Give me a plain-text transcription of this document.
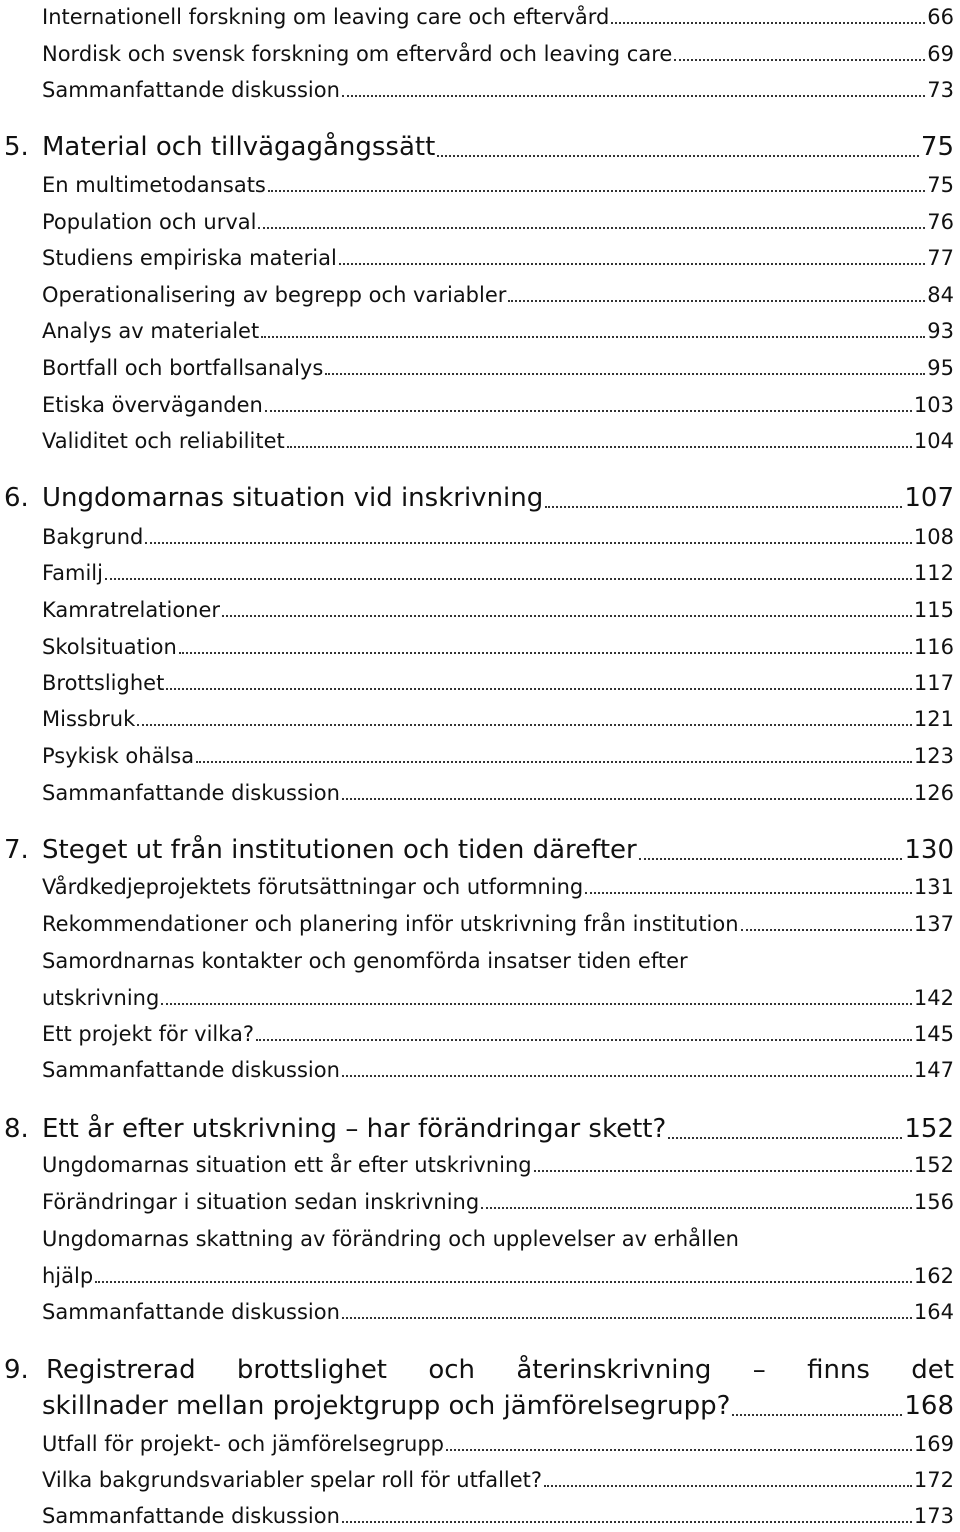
Internationell forskning om leaving care och eftervård	66
Nordisk och svensk forskning om eftervård och leaving care	69
Sammanfattande diskussion	73
5. Material och tillvägagångssätt	75
En multimetodansats	75
Population och urval	76
Studiens empiriska material	77
Operationalisering av begrepp och variabler	84
Analys av materialet	93
Bortfall och bortfallsanalys	95
Etiska överväganden	103
Validitet och reliabilitet	104
6. Ungdomarnas situation vid inskrivning	107
Bakgrund	108
Familj	112
Kamratrelationer	115
Skolsituation	116
Brottslighet	117
Missbruk	121
Psykisk ohälsa	123
Sammanfattande diskussion	126
7. Steget ut från institutionen och tiden därefter	130
Vårdkedjeprojektets förutsättningar och utformning	131
Rekommendationer och planering inför utskrivning från institution	137
Samordnarnas kontakter och genomförda insatser tiden efter
utskrivning	142
Ett projekt för vilka?	145
Sammanfattande diskussion	147
8. Ett år efter utskrivning – har förändringar skett?	152
Ungdomarnas situation ett år efter utskrivning	152
Förändringar i situation sedan inskrivning	156
Ungdomarnas skattning av förändring och upplevelser av erhållen
hjälp	162
Sammanfattande diskussion	164
9. Registrerad brottslighet och återinskrivning – finns det
skillnader mellan projektgrupp och jämförelsegrupp?	168
Utfall för projekt- och jämförelsegrupp	169
Vilka bakgrundsvariabler spelar roll för utfallet?	172
Sammanfattande diskussion	173
